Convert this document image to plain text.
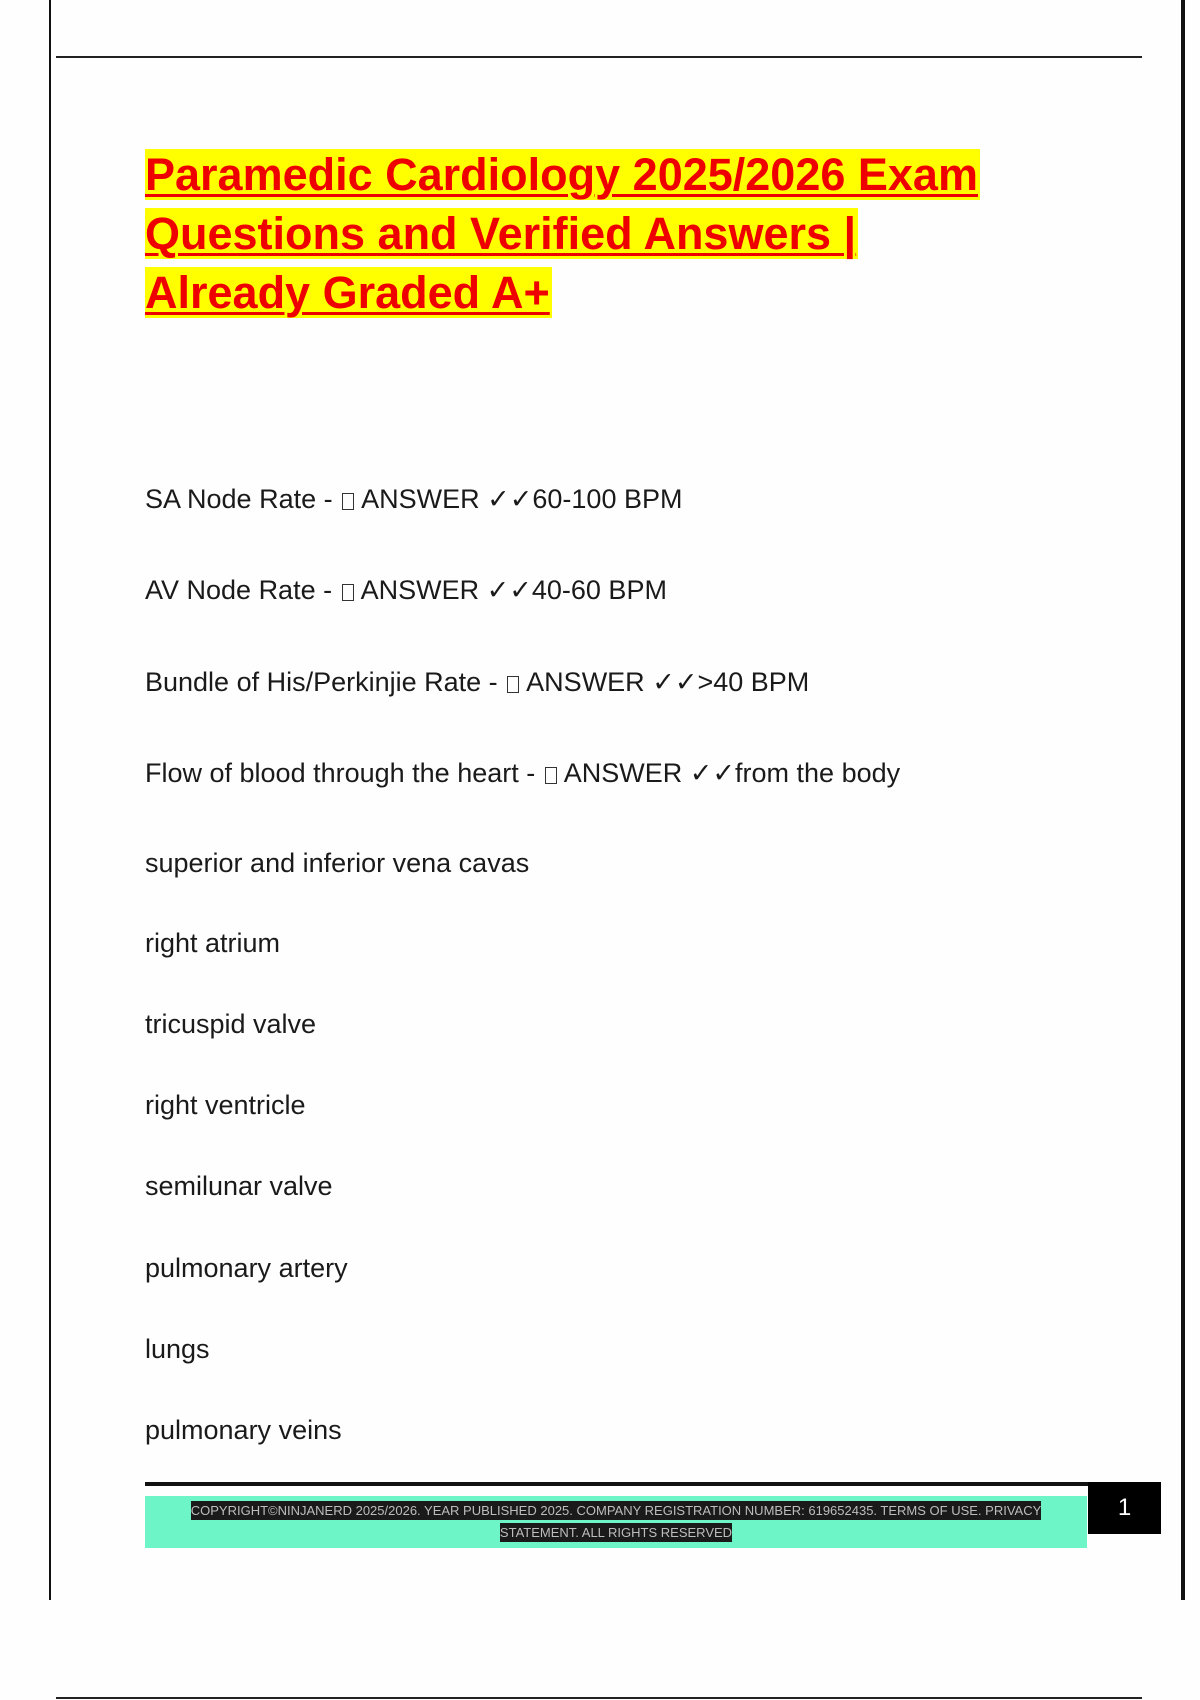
Paramedic Cardiology 2025/2026 Exam
Questions and Verified Answers |
Already Graded A+

SA Node Rate - ANSWER ✓✓60-100 BPM

AV Node Rate - ANSWER ✓✓40-60 BPM

Bundle of His/Perkinjie Rate - ANSWER ✓✓>40 BPM

Flow of blood through the heart - ANSWER ✓✓from the body

superior and inferior vena cavas

right atrium

tricuspid valve

right ventricle

semilunar valve

pulmonary artery

lungs

pulmonary veins

COPYRIGHT©NINJANERD 2025/2026. YEAR PUBLISHED 2025. COMPANY REGISTRATION NUMBER: 619652435. TERMS OF USE. PRIVACY
STATEMENT. ALL RIGHTS RESERVED

1
